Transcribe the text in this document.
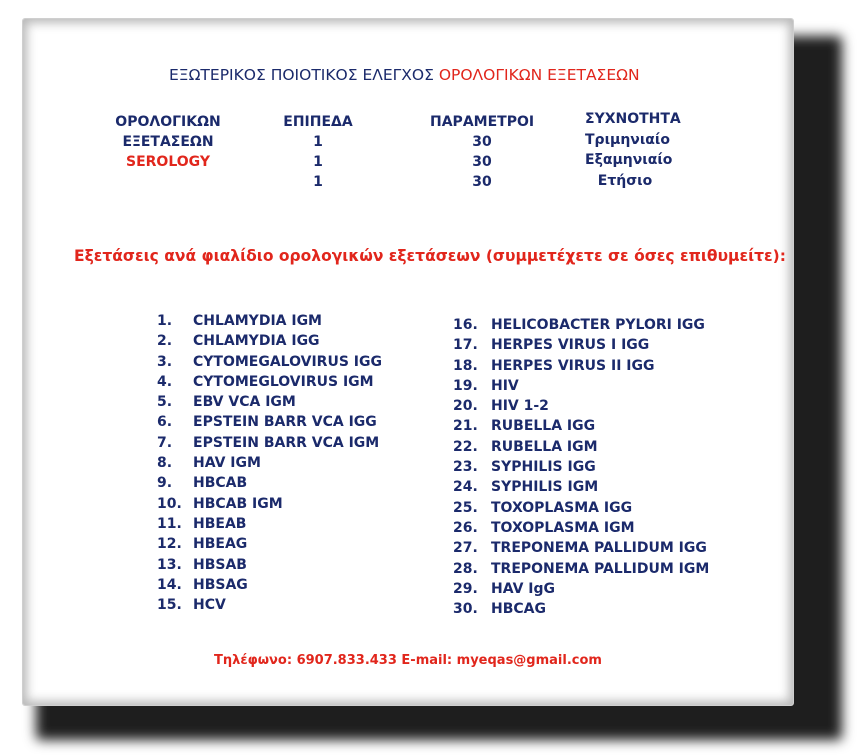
ΕΞΩΤΕΡΙΚΟΣ ΠΟΙΟΤΙΚΟΣ ΕΛΕΓΧΟΣ ΟΡΟΛΟΓΙΚΩΝ ΕΞΕΤΑΣΕΩΝ
ΟΡΟΛΟΓΙΚΩΝ
ΕΞΕΤΑΣΕΩΝ
SEROLOGY
ΕΠΙΠΕΔΑ
1
1
1
ΠΑΡΑΜΕΤΡΟΙ
30
30
30
ΣΥΧΝΟΤΗΤΑ
Τριμηνιαίο
Εξαμηνιαίο
Ετήσιο
Εξετάσεις ανά φιαλίδιο ορολογικών εξετάσεων (συμμετέχετε σε όσες επιθυμείτε):
1. CHLAMYDIA IGM
2. CHLAMYDIA IGG
3. CYTOMEGALOVIRUS IGG
4. CYTOMEGLOVIRUS IGM
5. EBV VCA IGM
6. EPSTEIN BARR VCA IGG
7. EPSTEIN BARR VCA IGM
8. HAV IGM
9. HBCAB
10. HBCAB IGM
11. HBEAB
12. HBEAG
13. HBSAB
14. HBSAG
15. HCV
16. HELICOBACTER PYLORI IGG
17. HERPES VIRUS I IGG
18. HERPES VIRUS II IGG
19. HIV
20. HIV 1-2
21. RUBELLA IGG
22. RUBELLA IGM
23. SYPHILIS IGG
24. SYPHILIS IGM
25. TOXOPLASMA IGG
26. TOXOPLASMA IGM
27. TREPONEMA PALLIDUM IGG
28. TREPONEMA PALLIDUM IGM
29. HAV IgG
30. HBCAG
Τηλέφωνο: 6907.833.433 E-mail: myeqas@gmail.com
